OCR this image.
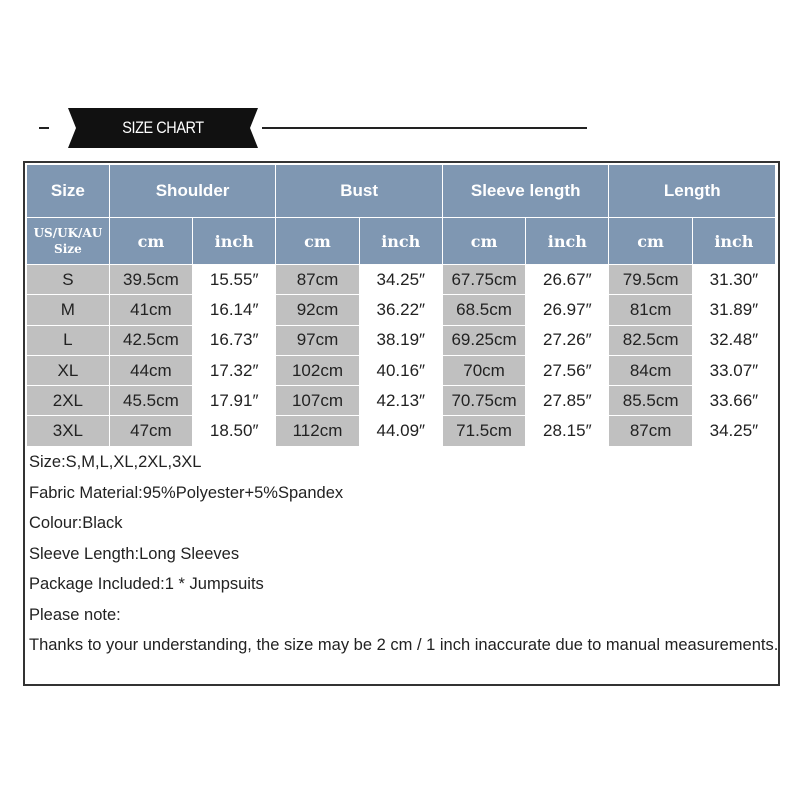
SIZE CHART
Size	Shoulder	Bust	Sleeve length	Length
US/UK/AU
Size	cm	inch	cm	inch	cm	inch	cm	inch
S	39.5cm	15.55″	87cm	34.25″	67.75cm	26.67″	79.5cm	31.30″
M	41cm	16.14″	92cm	36.22″	68.5cm	26.97″	81cm	31.89″
L	42.5cm	16.73″	97cm	38.19″	69.25cm	27.26″	82.5cm	32.48″
XL	44cm	17.32″	102cm	40.16″	70cm	27.56″	84cm	33.07″
2XL	45.5cm	17.91″	107cm	42.13″	70.75cm	27.85″	85.5cm	33.66″
3XL	47cm	18.50″	112cm	44.09″	71.5cm	28.15″	87cm	34.25″
Size:S,M,L,XL,2XL,3XL
Fabric Material:95%Polyester+5%Spandex
Colour:Black
Sleeve Length:Long Sleeves
Package Included:1 * Jumpsuits
Please note:
Thanks to your understanding, the size may be 2 cm / 1 inch inaccurate due to manual measurements.
